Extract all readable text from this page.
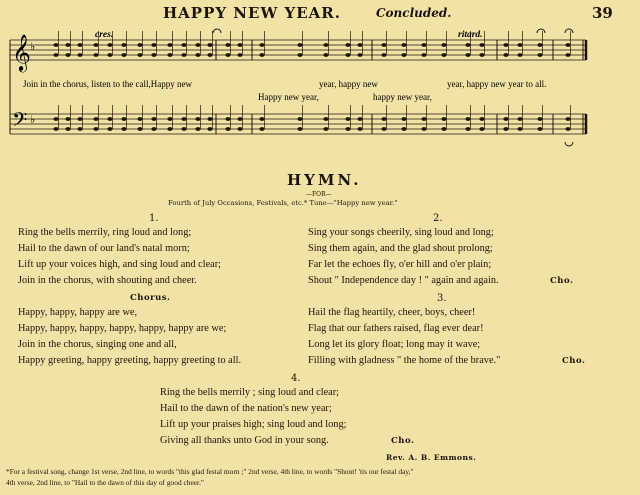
HAPPY NEW YEAR.	Concluded.	39
𝄞
𝄢
♭
♭
cres.	ritard.
Join in the chorus, listen to the call,Happy new	year, happy new	year, happy new year to all.
Happy new year,	happy new year,
HYMN.
—FOR—
Fourth of July Occasions, Festivals, etc.* Tune—"Happy new year."
1.
Ring the bells merrily, ring loud and long;
Hail to the dawn of our land's natal morn;
Lift up your voices high, and sing loud and clear;
Join in the chorus, with shouting and cheer.
2.
Sing your songs cheerily, sing loud and long;
Sing them again, and the glad shout prolong;
Far let the echoes fly, o'er hill and o'er plain;
Shout " Independence day ! " again and again.	Cho.
Chorus.
Happy, happy, happy are we,
Happy, happy, happy, happy, happy, happy are we;
Join in the chorus, singing one and all,
Happy greeting, happy greeting, happy greeting to all.
3.
Hail the flag heartily, cheer, boys, cheer!
Flag that our fathers raised, flag ever dear!
Long let its glory float; long may it wave;
Filling with gladness " the home of the brave."	Cho.
4.
Ring the bells merrily ; sing loud and clear;
Hail to the dawn of the nation's new year;
Lift up your praises high; sing loud and long;
Giving all thanks unto God in your song.	Cho.
Rev. A. B. Emmons.
*For a festival song, change 1st verse, 2nd line, to words "this glad festal morn ;" 2nd verse, 4th line, to words "Shout! 'tis our festal day,"
4th verse, 2nd line, to "Hail to the dawn of this day of good cheer."
